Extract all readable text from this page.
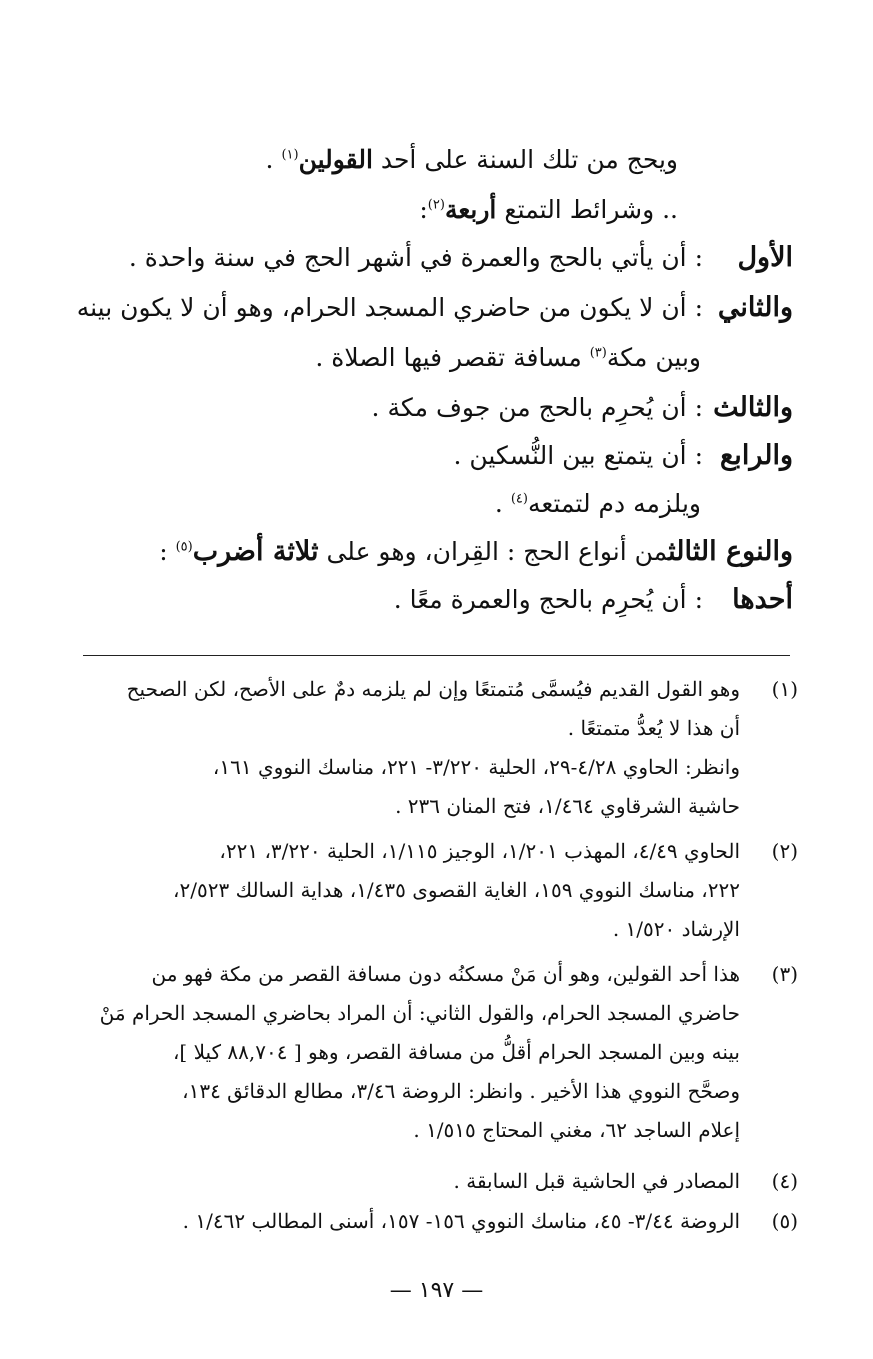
ويحج من تلك السنة على أحد القولين$^{(١)}$ .
.. وشرائط التمتع أربعة$^{(٢)}$:
الأول: أن يأتي بالحج والعمرة في أشهر الحج في سنة واحدة .
والثاني: أن لا يكون من حاضري المسجد الحرام، وهو أن لا يكون بينه
وبين مكة$^{(٣)}$ مسافة تقصر فيها الصلاة .
والثالث: أن يُحرِم بالحج من جوف مكة .
والرابع: أن يتمتع بين النُّسكين .
ويلزمه دم لتمتعه$^{(٤)}$ .
والنوع الثالثمن أنواع الحج : القِران، وهو على ثلاثة أضرب$^{(٥)}$ :
أحدها: أن يُحرِم بالحج والعمرة معًا .
(١)

وهو القول القديم فيُسمَّى مُتمتعًا وإن لم يلزمه دمٌ على الأصح، لكن الصحيح

أن هذا لا يُعدُّ متمتعًا .

وانظر: الحاوي ٤/٢٨-٢٩، الحلية ٣/٢٢٠- ٢٢١، مناسك النووي ١٦١،

حاشية الشرقاوي ١/٤٦٤، فتح المنان ٢٣٦ .

(٢)

الحاوي ٤/٤٩، المهذب ١/٢٠١، الوجيز ١/١١٥، الحلية ٣/٢٢٠، ٢٢١،

٢٢٢، مناسك النووي ١٥٩، الغاية القصوى ١/٤٣٥، هداية السالك ٢/٥٢٣،

الإرشاد ١/٥٢٠ .

(٣)

هذا أحد القولين، وهو أن مَنْ مسكنُه دون مسافة القصر من مكة فهو من

حاضري المسجد الحرام، والقول الثاني: أن المراد بحاضري المسجد الحرام مَنْ

بينه وبين المسجد الحرام أقلُّ من مسافة القصر، وهو [ ٨٨,٧٠٤ كيلا ]،

وصحَّح النووي هذا الأخير . وانظر: الروضة ٣/٤٦، مطالع الدقائق ١٣٤،

إعلام الساجد ٦٢، مغني المحتاج ١/٥١٥ .

(٤)

المصادر في الحاشية قبل السابقة .

(٥)

الروضة ٣/٤٤- ٤٥، مناسك النووي ١٥٦- ١٥٧، أسنى المطالب ١/٤٦٢ .

— ١٩٧ —
